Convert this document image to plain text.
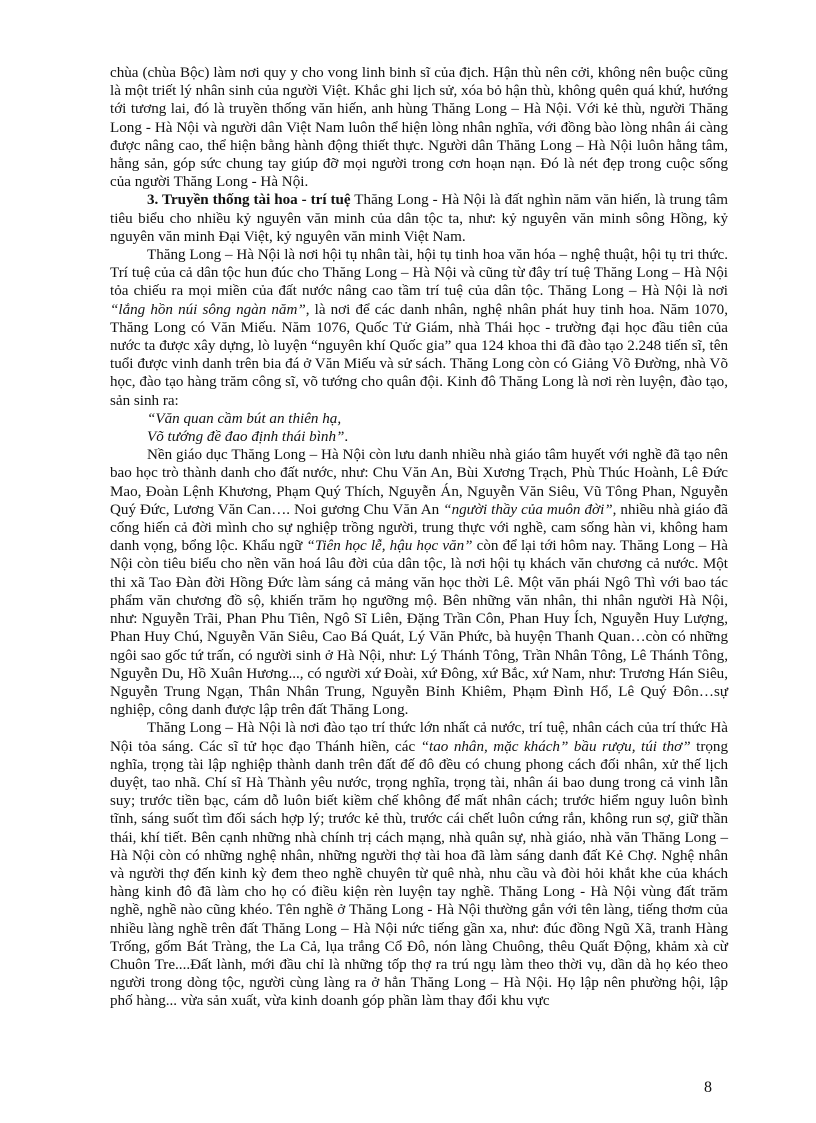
chùa (chùa Bộc) làm nơi quy y cho vong linh binh sĩ của địch. Hận thù nên cởi, không nên buộc cũng là một triết lý nhân sinh của người Việt. Khắc ghi lịch sử, xóa bỏ hận thù, không quên quá khứ, hướng tới tương lai, đó là truyền thống văn hiến, anh hùng Thăng Long – Hà Nội. Với kẻ thù, người Thăng Long - Hà Nội và người dân Việt Nam luôn thể hiện lòng nhân nghĩa, với đồng bào lòng nhân ái càng được nâng cao, thể hiện bằng hành động thiết thực. Người dân Thăng Long – Hà Nội luôn hằng tâm, hằng sản, góp sức chung tay giúp đỡ mọi người trong cơn hoạn nạn. Đó là nét đẹp trong cuộc sống của người Thăng Long - Hà Nội.

3. Truyền thống tài hoa - trí tuệ Thăng Long - Hà Nội là đất nghìn năm văn hiến, là trung tâm tiêu biểu cho nhiều kỷ nguyên văn minh của dân tộc ta, như: kỷ nguyên văn minh sông Hồng, kỷ nguyên văn minh Đại Việt, kỷ nguyên văn minh Việt Nam.

Thăng Long – Hà Nội là nơi hội tụ nhân tài, hội tụ tinh hoa văn hóa – nghệ thuật, hội tụ tri thức. Trí tuệ của cả dân tộc hun đúc cho Thăng Long – Hà Nội và cũng từ đây trí tuệ Thăng Long – Hà Nội tỏa chiếu ra mọi miền của đất nước nâng cao tầm trí tuệ của dân tộc. Thăng Long – Hà Nội là nơi “lắng hồn núi sông ngàn năm”, là nơi để các danh nhân, nghệ nhân phát huy tinh hoa. Năm 1070, Thăng Long có Văn Miếu. Năm 1076, Quốc Tử Giám, nhà Thái học - trường đại học đầu tiên của nước ta được xây dựng, lò luyện “nguyên khí Quốc gia” qua 124 khoa thi đã đào tạo 2.248 tiến sĩ, tên tuổi được vinh danh trên bia đá ở Văn Miếu và sử sách. Thăng Long còn có Giảng Võ Đường, nhà Võ học, đào tạo hàng trăm công sĩ, võ tướng cho quân đội. Kinh đô Thăng Long là nơi rèn luyện, đào tạo, sản sinh ra:

“Văn quan cầm bút an thiên hạ,

Võ tướng đề đao định thái bình”.

Nền giáo dục Thăng Long – Hà Nội còn lưu danh nhiều nhà giáo tâm huyết với nghề đã tạo nên bao học trò thành danh cho đất nước, như: Chu Văn An, Bùi Xương Trạch, Phù Thúc Hoành, Lê Đức Mao, Đoàn Lệnh Khương, Phạm Quý Thích, Nguyễn Án, Nguyễn Văn Siêu, Vũ Tông Phan, Nguyễn Quý Đức, Lương Văn Can…. Noi gương Chu Văn An “người thầy của muôn đời”, nhiều nhà giáo đã cống hiến cả đời mình cho sự nghiệp trồng người, trung thực với nghề, cam sống hàn vi, không ham danh vọng, bổng lộc. Khẩu ngữ “Tiên học lễ, hậu học văn” còn để lại tới hôm nay. Thăng Long – Hà Nội còn tiêu biểu cho nền văn hoá lâu đời của dân tộc, là nơi hội tụ khách văn chương cả nước. Một thi xã Tao Đàn đời Hồng Đức làm sáng cả mảng văn học thời Lê. Một văn phái Ngô Thì với bao tác phẩm văn chương đồ sộ, khiến trăm họ ngưỡng mộ. Bên những văn nhân, thi nhân người Hà Nội, như: Nguyễn Trãi, Phan Phu Tiên, Ngô Sĩ Liên, Đặng Trần Côn, Phan Huy Ích, Nguyễn Huy Lượng, Phan Huy Chú, Nguyễn Văn Siêu, Cao Bá Quát, Lý Văn Phức, bà huyện Thanh Quan…còn có những ngôi sao gốc tứ trấn, có người sinh ở Hà Nội, như: Lý Thánh Tông, Trần Nhân Tông, Lê Thánh Tông, Nguyễn Du, Hồ Xuân Hương..., có người xứ Đoài, xứ Đông, xứ Bắc, xứ Nam, như: Trương Hán Siêu, Nguyễn Trung Ngạn, Thân Nhân Trung, Nguyễn Bỉnh Khiêm, Phạm Đình Hổ, Lê Quý Đôn…sự nghiệp, công danh được lập trên đất Thăng Long.

Thăng Long – Hà Nội là nơi đào tạo trí thức lớn nhất cả nước, trí tuệ, nhân cách của trí thức Hà Nội tỏa sáng. Các sĩ tử học đạo Thánh hiền, các “tao nhân, mặc khách” bầu rượu, túi thơ” trọng nghĩa, trọng tài lập nghiệp thành danh trên đất đế đô đều có chung phong cách đối nhân, xử thế lịch duyệt, tao nhã. Chí sĩ Hà Thành yêu nước, trọng nghĩa, trọng tài, nhân ái bao dung trong cả vinh lẫn suy; trước tiền bạc, cám dỗ luôn biết kiềm chế không để mất nhân cách; trước hiểm nguy luôn bình tĩnh, sáng suốt tìm đối sách hợp lý; trước kẻ thù, trước cái chết luôn cứng rắn, không run sợ, giữ thần thái, khí tiết. Bên cạnh những nhà chính trị cách mạng, nhà quân sự, nhà giáo, nhà văn Thăng Long – Hà Nội còn có những nghệ nhân, những người thợ tài hoa đã làm sáng danh đất Kẻ Chợ. Nghệ nhân và người thợ đến kinh kỳ đem theo nghề chuyên từ quê nhà, nhu cầu và đòi hỏi khắt khe của khách hàng kinh đô đã làm cho họ có điều kiện rèn luyện tay nghề. Thăng Long - Hà Nội vùng đất trăm nghề, nghề nào cũng khéo. Tên nghề ở Thăng Long - Hà Nội thường gắn với tên làng, tiếng thơm của nhiều làng nghề trên đất Thăng Long – Hà Nội nức tiếng gần xa, như: đúc đồng Ngũ Xã, tranh Hàng Trống, gốm Bát Tràng, the La Cả, lụa trắng Cổ Đô, nón làng Chuông, thêu Quất Động, khảm xà cừ Chuôn Tre....Đất lành, mới đầu chỉ là những tốp thợ ra trú ngụ làm theo thời vụ, dần dà họ kéo theo người trong dòng tộc, người cùng làng ra ở hẳn Thăng Long – Hà Nội. Họ lập nên phường hội, lập phố hàng... vừa sản xuất, vừa kinh doanh góp phần làm thay đổi khu vực

8
